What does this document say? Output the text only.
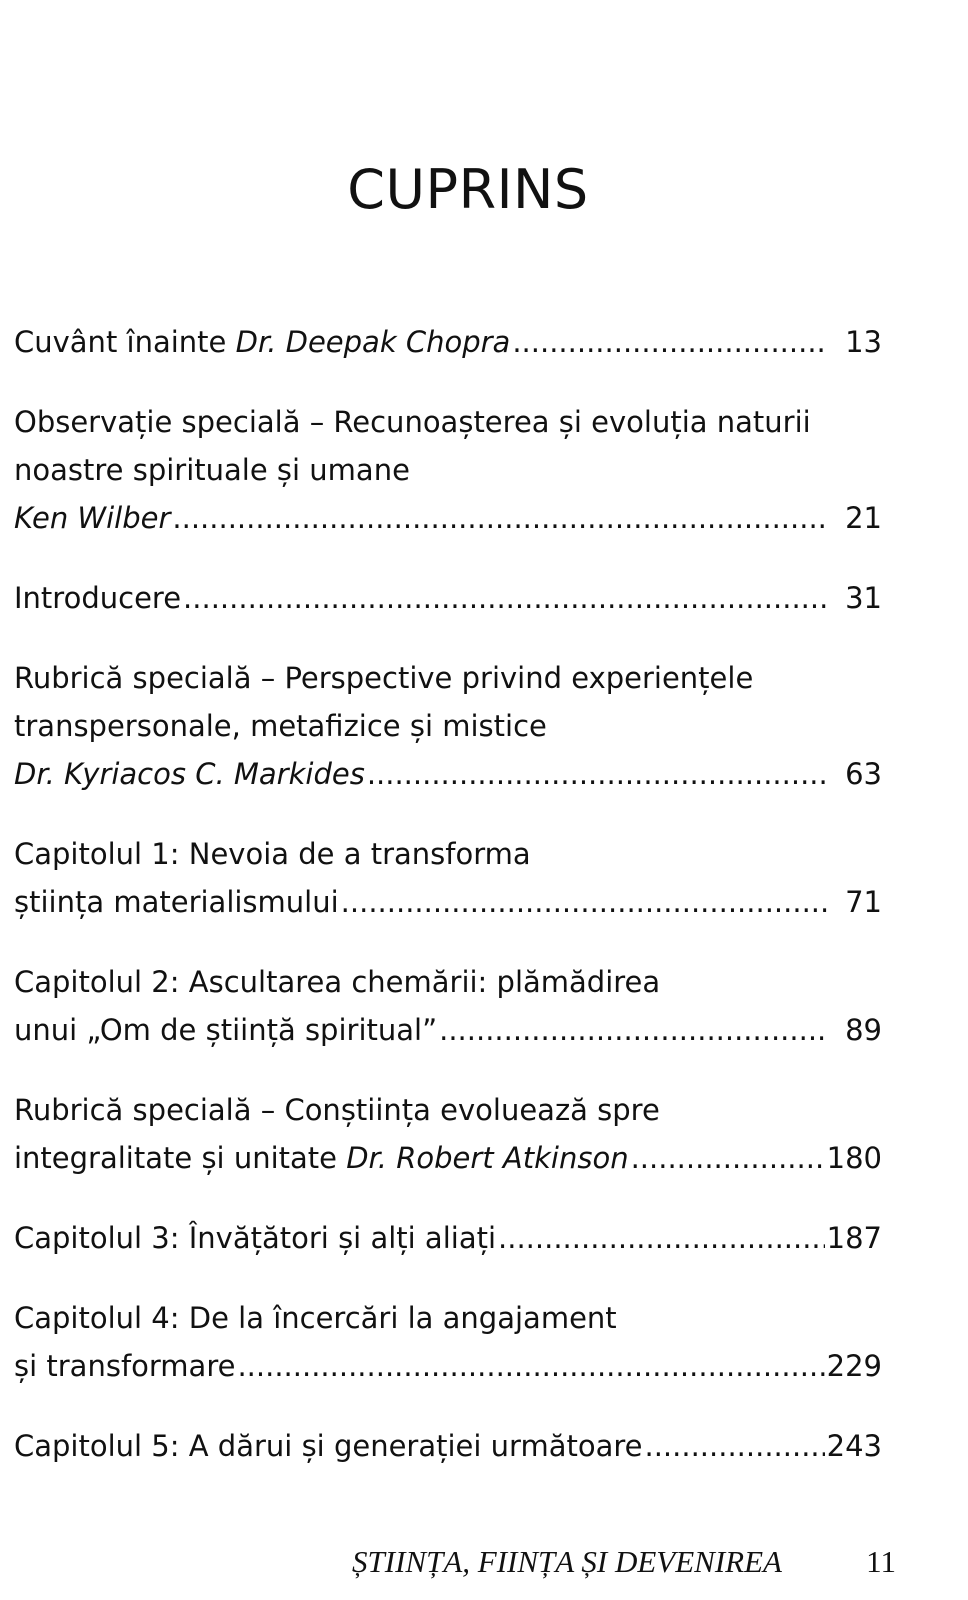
CUPRINS
Cuvânt înainte Dr. Deepak Chopra .....	13
Observație specială – Recunoașterea și evoluția naturii
noastre spirituale și umane
Ken Wilber .....	21
Introducere .....	31
Rubrică specială – Perspective privind experiențele
transpersonale, metafizice și mistice
Dr. Kyriacos C. Markides .....	63
Capitolul 1: Nevoia de a transforma
știința materialismului .....	71
Capitolul 2: Ascultarea chemării: plămădirea
unui „Om de știință spiritual” .....	89
Rubrică specială – Conștiința evoluează spre
integralitate și unitate Dr. Robert Atkinson .....	180
Capitolul 3: Învățători și alți aliați .....	187
Capitolul 4: De la încercări la angajament
și transformare .....	229
Capitolul 5: A dărui și generației următoare .....	243
ȘTIINȚA, FIINȚA ȘI DEVENIREA	11
